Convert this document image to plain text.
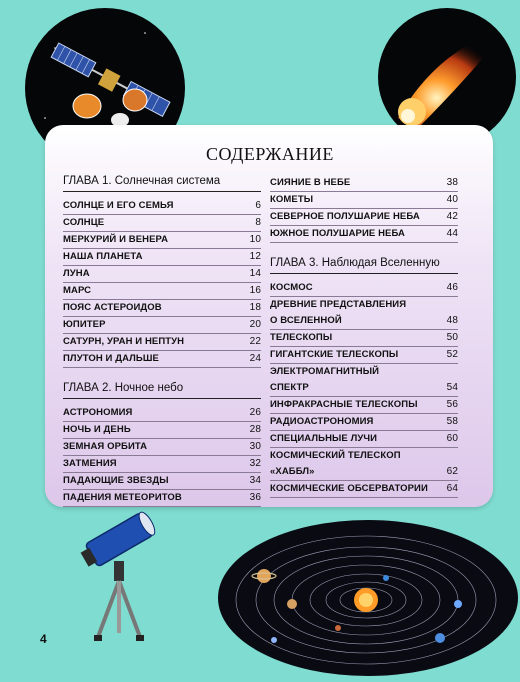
СОДЕРЖАНИЕ
ГЛАВА 1. Солнечная система
СОЛНЦЕ И ЕГО СЕМЬЯ	6
СОЛНЦЕ	8
МЕРКУРИЙ И ВЕНЕРА	10
НАША ПЛАНЕТА	12
ЛУНА	14
МАРС	16
ПОЯС АСТЕРОИДОВ	18
ЮПИТЕР	20
САТУРН, УРАН И НЕПТУН	22
ПЛУТОН И ДАЛЬШЕ	24
ГЛАВА 2. Ночное небо
АСТРОНОМИЯ	26
НОЧЬ И ДЕНЬ	28
ЗЕМНАЯ ОРБИТА	30
ЗАТМЕНИЯ	32
ПАДАЮЩИЕ ЗВЕЗДЫ	34
ПАДЕНИЯ МЕТЕОРИТОВ	36
СИЯНИЕ В НЕБЕ	38
КОМЕТЫ	40
СЕВЕРНОЕ ПОЛУШАРИЕ НЕБА	42
ЮЖНОЕ ПОЛУШАРИЕ НЕБА	44
ГЛАВА 3. Наблюдая Вселенную
КОСМОС	46
ДРЕВНИЕ ПРЕДСТАВЛЕНИЯ
О ВСЕЛЕННОЙ	48
ТЕЛЕСКОПЫ	50
ГИГАНТСКИЕ ТЕЛЕСКОПЫ	52
ЭЛЕКТРОМАГНИТНЫЙ
СПЕКТР	54
ИНФРАКРАСНЫЕ ТЕЛЕСКОПЫ	56
РАДИОАСТРОНОМИЯ	58
СПЕЦИАЛЬНЫЕ ЛУЧИ	60
КОСМИЧЕСКИЙ ТЕЛЕСКОП
«ХАББЛ»	62
КОСМИЧЕСКИЕ ОБСЕРВАТОРИИ 64
4
